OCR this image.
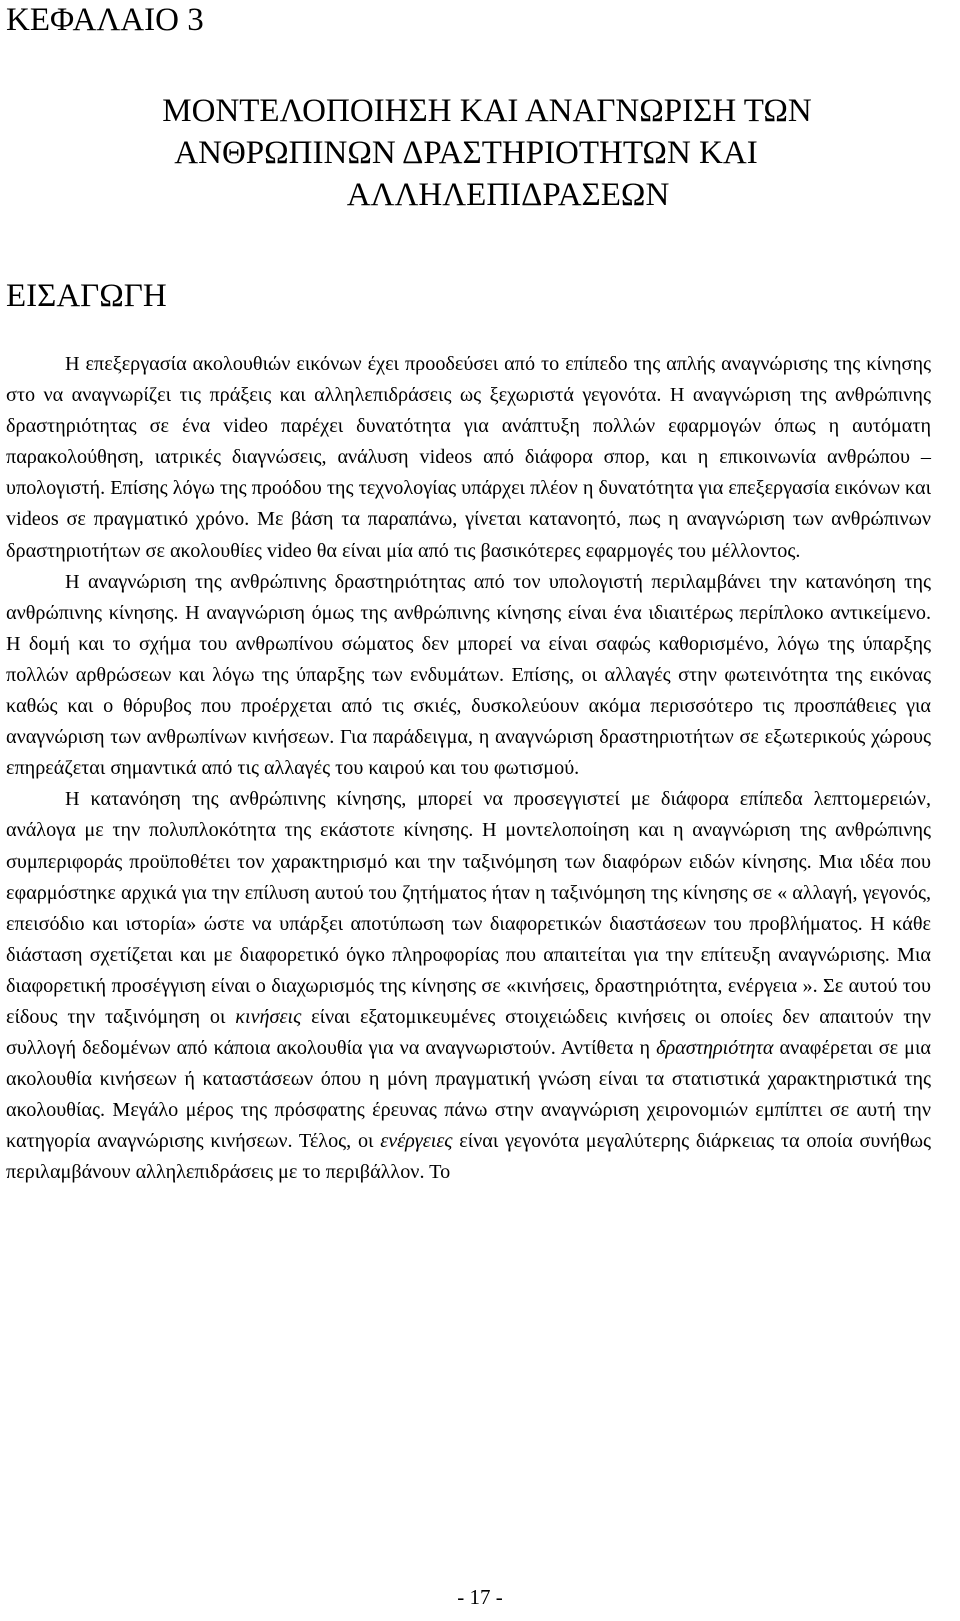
ΚΕΦΑΛΑΙΟ 3
ΜΟΝΤΕΛΟΠΟΙΗΣΗ ΚΑΙ ΑΝΑΓΝΩΡΙΣΗ ΤΩΝ
ΑΝΘΡΩΠΙΝΩΝ ΔΡΑΣΤΗΡΙΟΤΗΤΩΝ ΚΑΙ
ΑΛΛΗΛΕΠΙΔΡΑΣΕΩΝ
ΕΙΣΑΓΩΓΗ

Η επεξεργασία ακολουθιών εικόνων έχει προοδεύσει από το επίπεδο της απλής αναγνώρισης της κίνησης στο να αναγνωρίζει τις πράξεις και αλληλεπιδράσεις ως ξεχωριστά γεγονότα. Η αναγνώριση της ανθρώπινης δραστηριότητας σε ένα video παρέχει δυνατότητα για ανάπτυξη πολλών εφαρμογών όπως η αυτόματη παρακολούθηση, ιατρικές διαγνώσεις, ανάλυση videos από διάφορα σπορ, και η επικοινωνία ανθρώπου – υπολογιστή. Επίσης λόγω της προόδου της τεχνολογίας υπάρχει πλέον η δυνατότητα για επεξεργασία εικόνων και videos σε πραγματικό χρόνο. Με βάση τα παραπάνω, γίνεται κατανοητό, πως η αναγνώριση των ανθρώπινων δραστηριοτήτων σε ακολουθίες video θα είναι μία από τις βασικότερες εφαρμογές του μέλλοντος.

Η αναγνώριση της ανθρώπινης δραστηριότητας από τον υπολογιστή περιλαμβάνει την κατανόηση της ανθρώπινης κίνησης. Η αναγνώριση όμως της ανθρώπινης κίνησης είναι ένα ιδιαιτέρως περίπλοκο αντικείμενο. Η δομή και το σχήμα του ανθρωπίνου σώματος δεν μπορεί να είναι σαφώς καθορισμένο, λόγω της ύπαρξης πολλών αρθρώσεων και λόγω της ύπαρξης των ενδυμάτων. Επίσης, οι αλλαγές στην φωτεινότητα της εικόνας καθώς και ο θόρυβος που προέρχεται από τις σκιές, δυσκολεύουν ακόμα περισσότερο τις προσπάθειες για αναγνώριση των ανθρωπίνων κινήσεων. Για παράδειγμα, η αναγνώριση δραστηριοτήτων σε εξωτερικούς χώρους επηρεάζεται σημαντικά από τις αλλαγές του καιρού και του φωτισμού.

Η κατανόηση της ανθρώπινης κίνησης, μπορεί να προσεγγιστεί με διάφορα επίπεδα λεπτομερειών, ανάλογα με την πολυπλοκότητα της εκάστοτε κίνησης. Η μοντελοποίηση και η αναγνώριση της ανθρώπινης συμπεριφοράς προϋποθέτει τον χαρακτηρισμό και την ταξινόμηση των διαφόρων ειδών κίνησης. Μια ιδέα που εφαρμόστηκε αρχικά για την επίλυση αυτού του ζητήματος ήταν η ταξινόμηση της κίνησης σε « αλλαγή, γεγονός, επεισόδιο και ιστορία» ώστε να υπάρξει αποτύπωση των διαφορετικών διαστάσεων του προβλήματος. Η κάθε διάσταση σχετίζεται και με διαφορετικό όγκο πληροφορίας που απαιτείται για την επίτευξη αναγνώρισης. Μια διαφορετική προσέγγιση είναι ο διαχωρισμός της κίνησης σε «κινήσεις, δραστηριότητα, ενέργεια ». Σε αυτού του είδους την ταξινόμηση οι κινήσεις είναι εξατομικευμένες στοιχειώδεις κινήσεις οι οποίες δεν απαιτούν την συλλογή δεδομένων από κάποια ακολουθία για να αναγνωριστούν. Αντίθετα η δραστηριότητα αναφέρεται σε μια ακολουθία κινήσεων ή καταστάσεων όπου η μόνη πραγματική γνώση είναι τα στατιστικά χαρακτηριστικά της ακολουθίας. Μεγάλο μέρος της πρόσφατης έρευνας πάνω στην αναγνώριση χειρονομιών εμπίπτει σε αυτή την κατηγορία αναγνώρισης κινήσεων. Τέλος, οι ενέργειες είναι γεγονότα μεγαλύτερης διάρκειας τα οποία συνήθως περιλαμβάνουν αλληλεπιδράσεις με το περιβάλλον. Το

- 17 -
